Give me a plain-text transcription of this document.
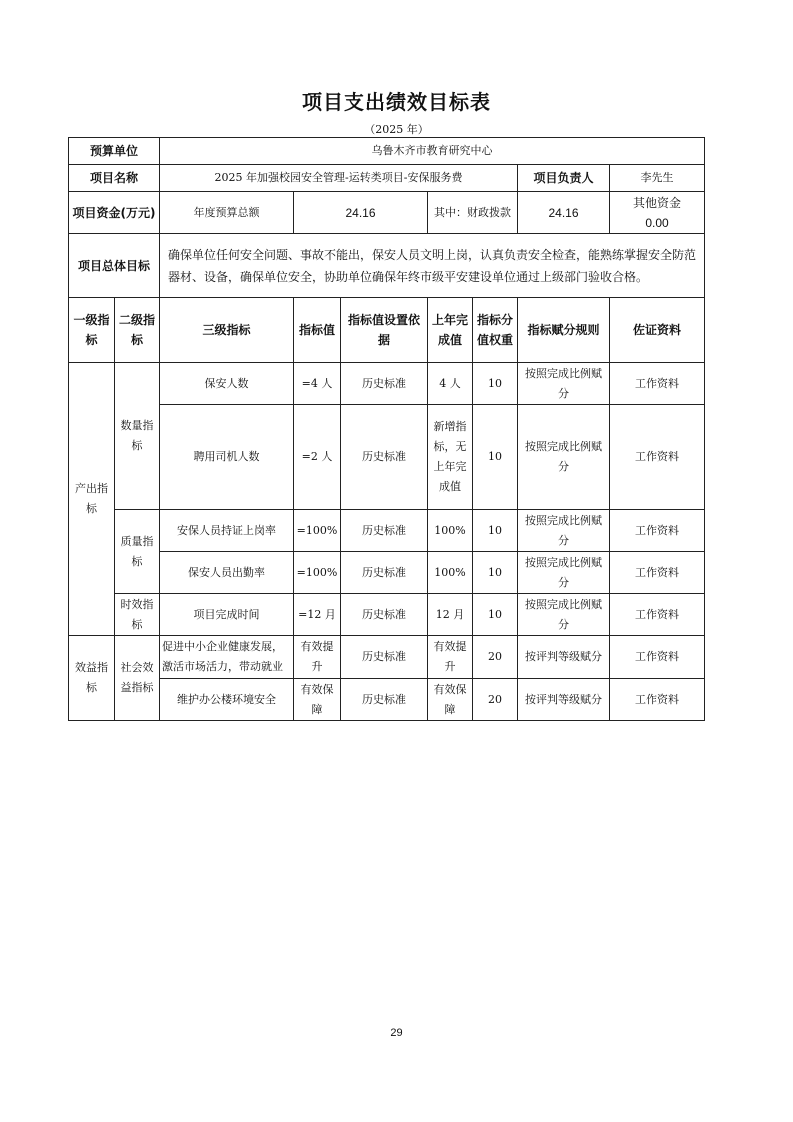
项目支出绩效目标表
（2025 年）
预算单位		乌鲁木齐市教育研究中心						
项目名称		2025 年加强校园安全管理-运转类项目-安保服务费					项目负责人	李先生
项目资金(万元)		年度预算总额	24.16		其中：财政拨款		24.16	其他资金　　　0.00
项目总体目标		确保单位任何安全问题、事故不能出，保安人员文明上岗，认真负责安全检查，能熟练掌握安全防范器材、设备，确保单位安全，协助单位确保年终市级平安建设单位通过上级部门验收合格。						
一级指标	二级指标	三级指标	指标值	指标值设置依据	上年完成值	指标分值权重	指标赋分规则	佐证资料
产出指标	数量指标	保安人数	=4 人	历史标准	4 人	10	按照完成比例赋分	工作资料
		聘用司机人数	=2 人	历史标准	新增指标，无上年完成值	10	按照完成比例赋分	工作资料
	质量指标	安保人员持证上岗率	=100%	历史标准	100%	10	按照完成比例赋分	工作资料
		保安人员出勤率	=100%	历史标准	100%	10	按照完成比例赋分	工作资料
	时效指标	项目完成时间	=12 月	历史标准	12 月	10	按照完成比例赋分	工作资料
效益指标	社会效益指标	促进中小企业健康发展，激活市场活力，带动就业	有效提升	历史标准	有效提升	20	按评判等级赋分	工作资料
		维护办公楼环境安全	有效保障	历史标准	有效保障	20	按评判等级赋分	工作资料
29
